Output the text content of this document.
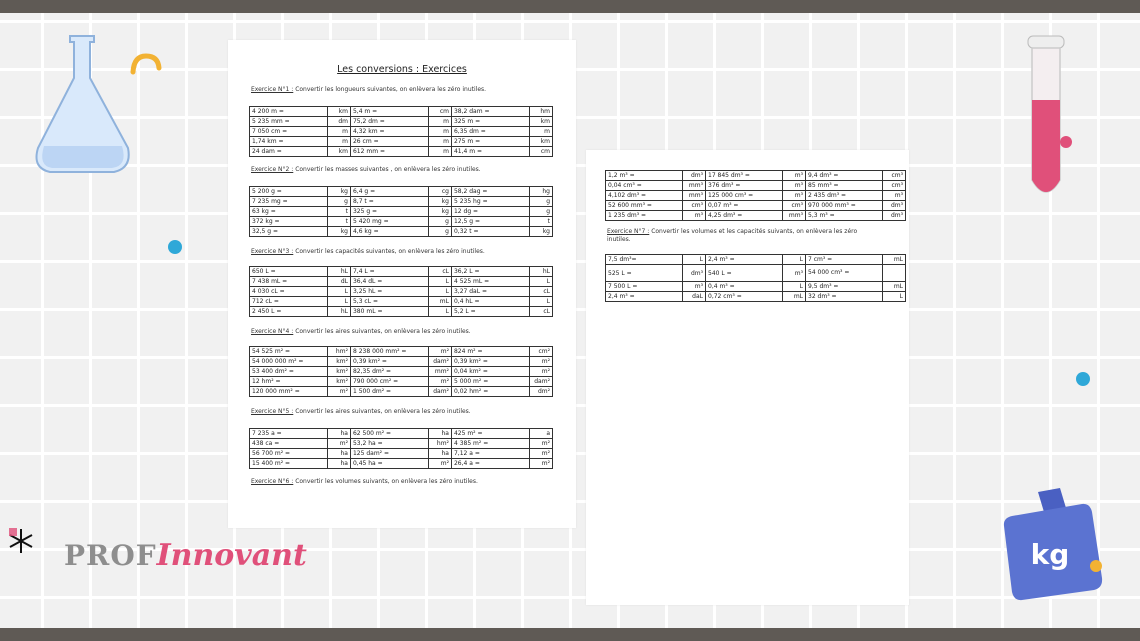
kg
PROFInnovant
Les conversions : Exercices
Exercice N°1 : Convertir les longueurs suivantes, on enlèvera les zéro inutiles.
4 200 m =	km	5,4 m =	cm	38,2 dam =	hm
5 235 mm =	dm	75,2 dm =	m	325 m =	km
7 050 cm =	m	4,32 km =	m	6,35 dm =	m
1,74 km =	m	26 cm =	m	275 m =	km
24 dam =	km	612 mm =	m	41,4 m =	cm
Exercice N°2 : Convertir les masses suivantes , on enlèvera les zéro inutiles.
5 200 g =	kg	6,4 g =	cg	58,2 dag =	hg
7 235 mg =	g	8,7 t =	kg	5 235 hg =	g
63 kg =	t	325 g =	kg	12 dg =	g
372 kg =	t	5 420 mg =	g	12,5 g =	t
32,5 g =	kg	4,6 kg =	g	0,32 t =	kg
Exercice N°3 : Convertir les capacités suivantes, on enlèvera les zéro inutiles.
650 L =	hL	7,4 L =	cL	36,2 L =	hL
7 438 mL =	dL	36,4 dL =	L	4 525 mL =	L
4 030 cL =	L	3,25 hL =	L	3,27 daL =	cL
712 cL =	L	5,3 cL =	mL	0,4 hL =	L
2 450 L =	hL	380 mL =	L	5,2 L =	cL
Exercice N°4 : Convertir les aires suivantes, on enlèvera les zéro inutiles.
54 525 m² =	hm²	8 238 000 mm² =	m²	824 m² =	cm²
54 000 000 m² =	km²	0,39 km² =	dam²	0,39 km² =	m²
53 400 dm² =	km²	82,35 dm² =	mm²	0,04 km² =	m²
12 hm² =	km²	790 000 cm² =	m²	5 000 m² =	dam²
120 000 mm² =	m²	1 500 dm² =	dam²	0,02 hm² =	dm²
Exercice N°5 : Convertir les aires suivantes, on enlèvera les zéro inutiles.
7 235 a =	ha	62 500 m² =	ha	425 m² =	a
438 ca =	m²	53,2 ha =	hm²	4 385 m² =	m²
56 700 m² =	ha	125 dam² =	ha	7,12 a =	m²
15 400 m² =	ha	0,45 ha =	m²	26,4 a =	m²
Exercice N°6 : Convertir les volumes suivants, on enlèvera les zéro inutiles.
1,2 m³ =	dm³	17 845 dm³ =	m³	9,4 dm³ =	cm³
0,04 cm³ =	mm³	376 dm³ =	m³	85 mm³ =	cm³
4,102 dm³ =	mm³	125 000 cm³ =	m³	2 435 dm³ =	m³
52 600 mm³ =	cm³	0,07 m³ =	cm³	970 000 mm³ =	dm³
1 235 dm³ =	m³	4,25 dm³ =	mm³	5,3 m³ =	dm³
Exercice N°7 : Convertir les volumes et les capacités suivants, on enlèvera les zéro
inutiles.
7,5 dm³=	L	2,4 m³ =	L	7 cm³ =	mL
525 L =	dm³	540 L =	m³	54 000 cm³ =	
7 500 L =	m³	0,4 m³ =	L	9,5 dm³ =	mL
2,4 m³ =	daL	0,72 cm³ =	mL	32 dm³ =	L
